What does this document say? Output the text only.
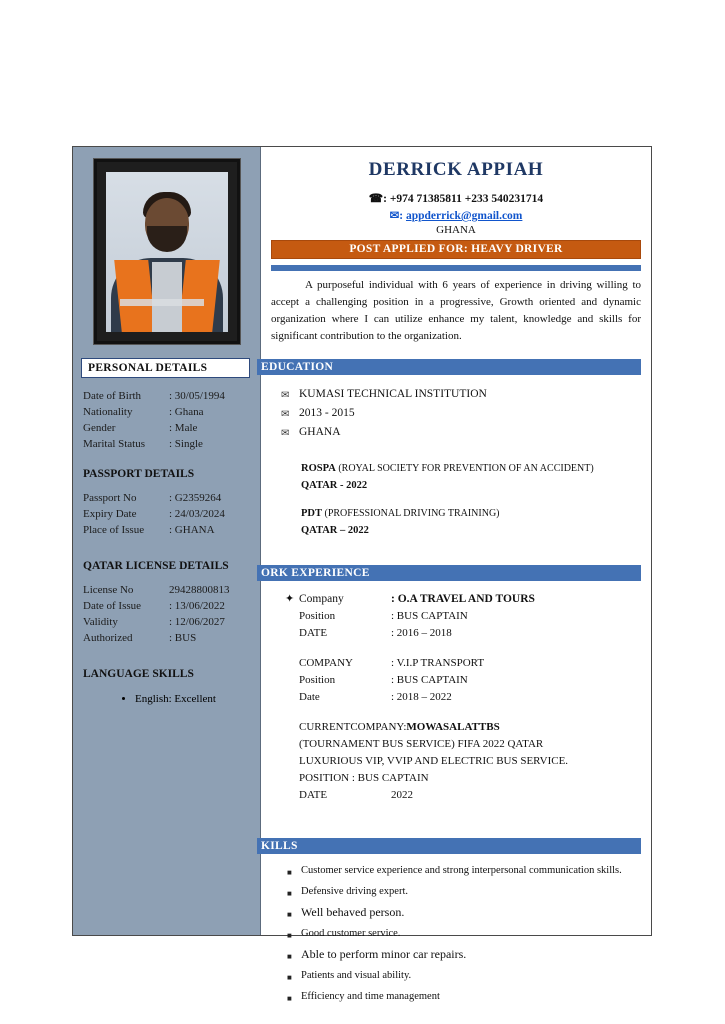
PERSONAL DETAILS
Date of Birth	: 30/05/1994
Nationality	: Ghana
Gender	: Male
Marital Status	: Single
PASSPORT DETAILS
Passport No	: G2359264
Expiry Date	: 24/03/2024
Place of Issue	: GHANA
QATAR LICENSE DETAILS
License No	29428800813
Date of Issue	: 13/06/2022
Validity	: 12/06/2027
Authorized	: BUS
LANGUAGE SKILLS
• English: Excellent
DERRICK APPIAH
☎: +974 71385811 +233 540231714
✉: appderrick@gmail.com
GHANA
POST APPLIED FOR: HEAVY DRIVER
A purposeful individual with 6 years of experience in driving willing to accept a challenging position in a progressive, Growth oriented and dynamic organization where I can utilize enhance my talent, knowledge and skills for significant contribution to the organization.
EDUCATION
✉ KUMASI TECHNICAL INSTITUTION
✉ 2013 - 2015
✉ GHANA
ROSPA (ROYAL SOCIETY FOR PREVENTION OF AN ACCIDENT)
QATAR - 2022
PDT (PROFESSIONAL DRIVING TRAINING)
QATAR – 2022
ORK EXPERIENCE
✦ Company	: O.A TRAVEL AND TOURS
Position	: BUS CAPTAIN
DATE	: 2016 – 2018
COMPANY	: V.I.P TRANSPORT
Position	: BUS CAPTAIN
Date	: 2018 – 2022
CURRENTCOMPANY: MOWASALATTBS
(TOURNAMENT BUS SERVICE) FIFA 2022 QATAR
LUXURIOUS VIP, VVIP AND ELECTRIC BUS SERVICE.
POSITION : BUS CAPTAIN
DATE	2022
KILLS
■ Customer service experience and strong interpersonal communication skills.
■ Defensive driving expert.
■ Well behaved person.
■ Good customer service.
■ Able to perform minor car repairs.
■ Patients and visual ability.
■ Efficiency and time management
